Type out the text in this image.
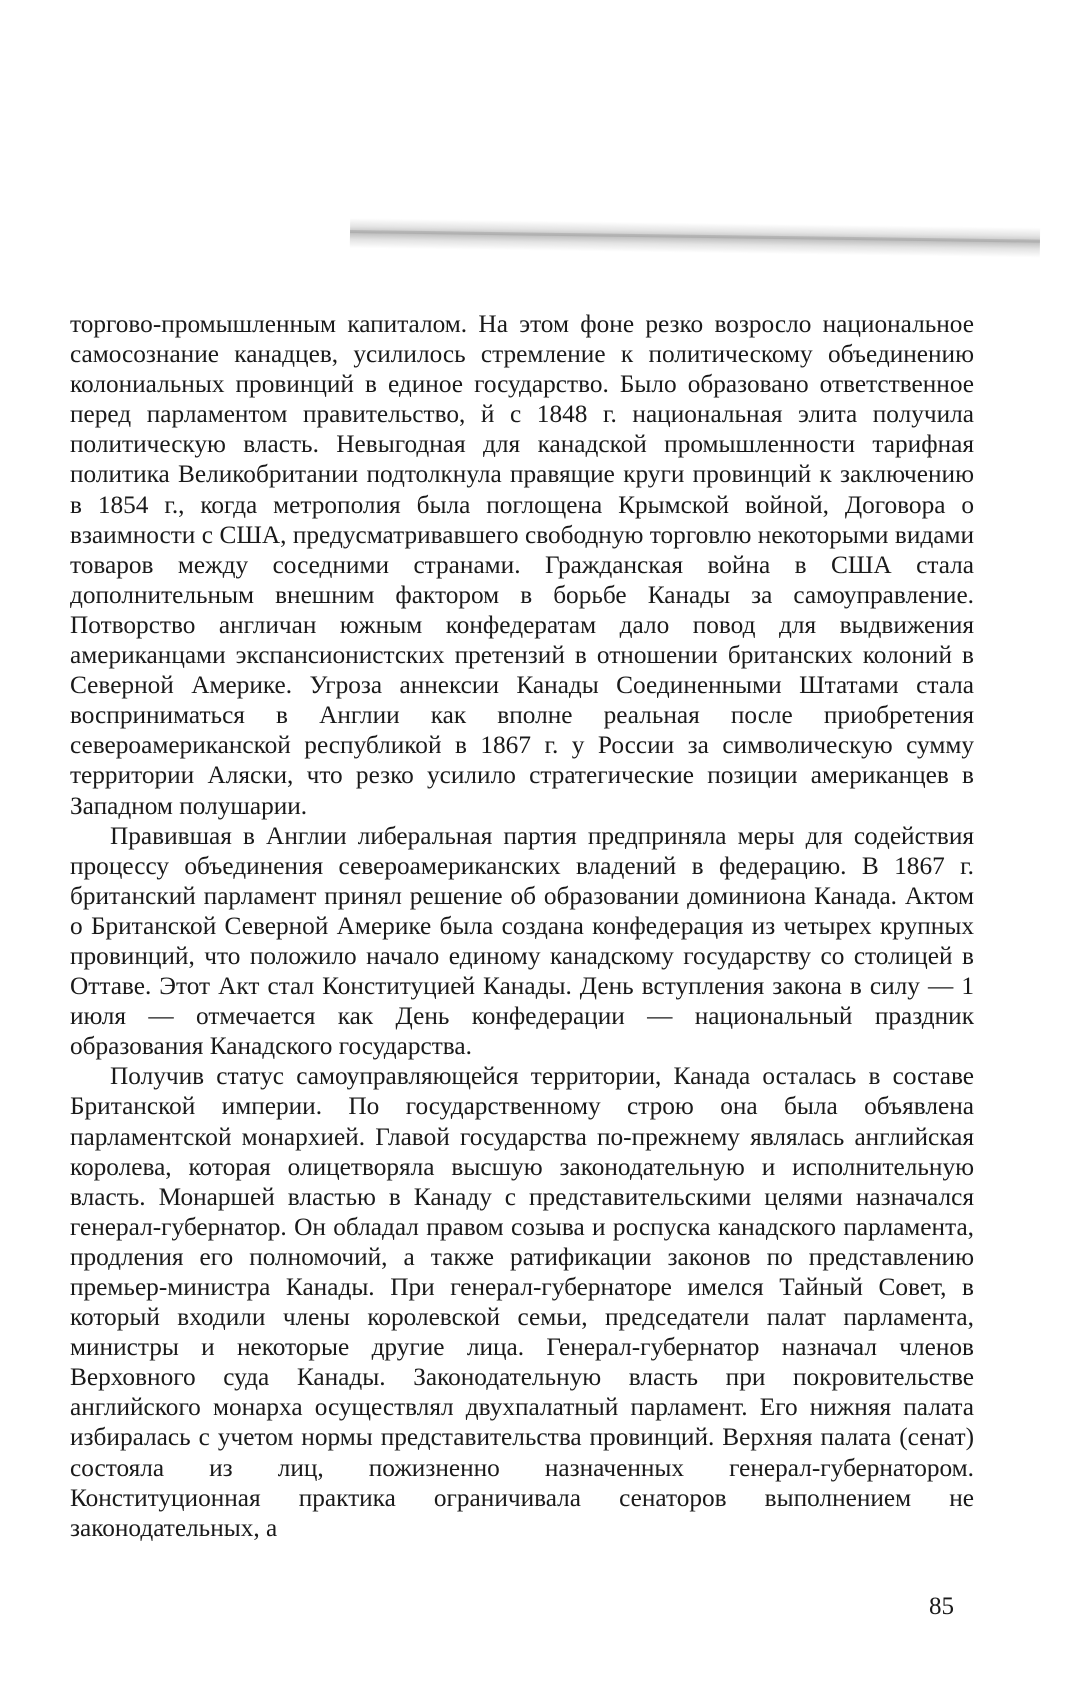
торгово-промышленным капиталом. На этом фоне резко возросло национальное самосознание канадцев, усилилось стремление к политическому объединению колониальных провинций в единое государство. Было образовано ответственное перед парламентом правительство, й с 1848 г. национальная элита получила политическую власть. Невыгодная для канадской промышленности тарифная политика Великобритании подтолкнула правящие круги провинций к заключению в 1854 г., когда метрополия была поглощена Крымской войной, Договора о взаимности с США, предусматривавшего свободную торговлю некоторыми видами товаров между соседними странами. Гражданская война в США стала дополнительным внешним фактором в борьбе Канады за самоуправление. Потворство англичан южным конфедератам дало повод для выдвижения американцами экспансионистских претензий в отношении британских колоний в Северной Америке. Угроза аннексии Канады Соединенными Штатами стала восприниматься в Англии как вполне реальная после приобретения североамериканской республикой в 1867 г. у России за символическую сумму территории Аляски, что резко усилило стратегические позиции американцев в Западном полушарии.

Правившая в Англии либеральная партия предприняла меры для содействия процессу объединения североамериканских владений в федерацию. В 1867 г. британский парламент принял решение об образовании доминиона Канада. Актом о Британской Северной Америке была создана конфедерация из четырех крупных провинций, что положило начало единому канадскому государству со столицей в Оттаве. Этот Акт стал Конституцией Канады. День вступления закона в силу — 1 июля — отмечается как День конфедерации — национальный праздник образования Канадского государства.

Получив статус самоуправляющейся территории, Канада осталась в составе Британской империи. По государственному строю она была объявлена парламентской монархией. Главой государства по-прежнему являлась английская королева, которая олицетворяла высшую законодательную и исполнительную власть. Монаршей властью в Канаду с представительскими целями назначался генерал-губернатор. Он обладал правом созыва и роспуска канадского парламента, продления его полномочий, а также ратификации законов по представлению премьер-министра Канады. При генерал-губернаторе имелся Тайный Совет, в который входили члены королевской семьи, председатели палат парламента, министры и некоторые другие лица. Генерал-губернатор назначал членов Верховного суда Канады. Законодательную власть при покровительстве английского монарха осуществлял двухпалатный парламент. Его нижняя палата избиралась с учетом нормы представительства провинций. Верхняя палата (сенат) состояла из лиц, пожизненно назначенных генерал-губернатором. Конституционная практика ограничивала сенаторов выполнением не законодательных, а

85
